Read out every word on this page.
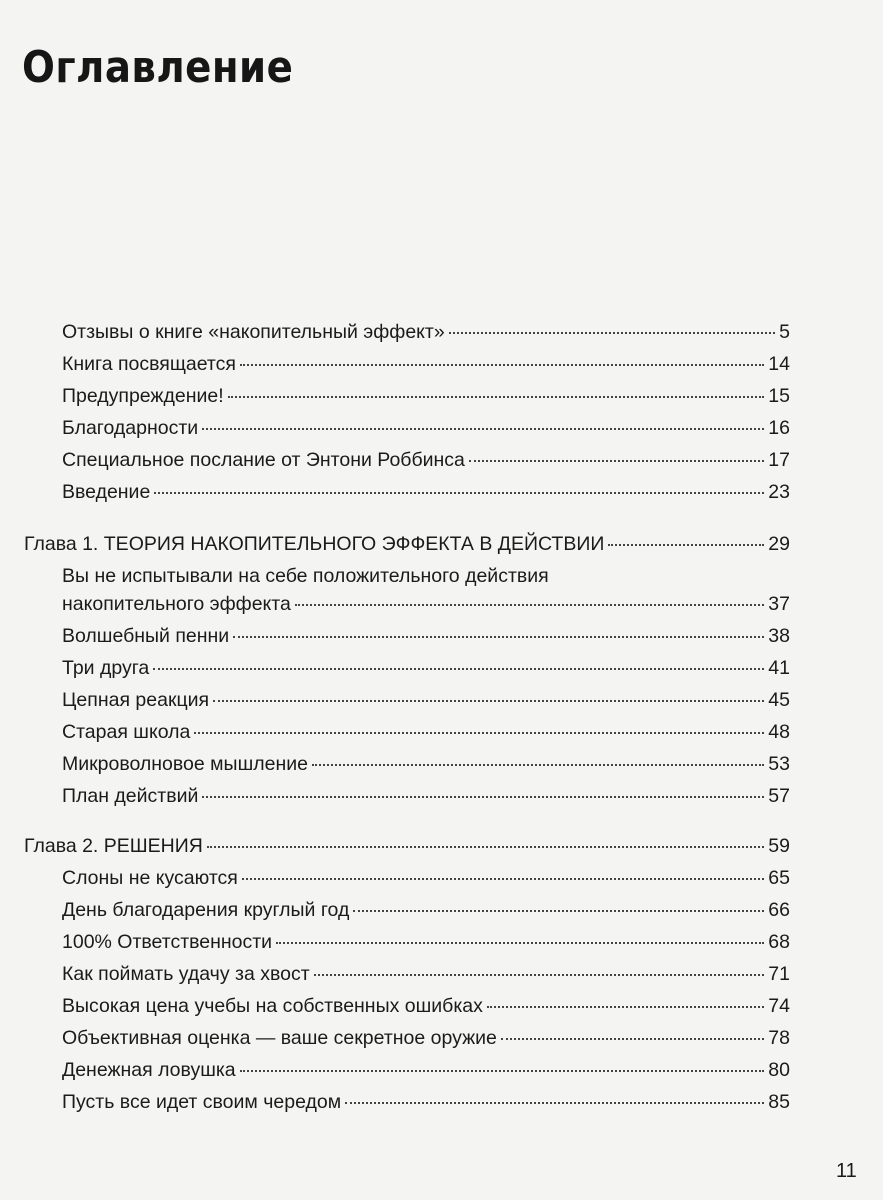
Оглавление
Отзывы о книге «накопительный эффект»	5
Книга посвящается	14
Предупреждение!	15
Благодарности	16
Специальное послание от Энтони Роббинса	17
Введение	23
Глава 1. ТЕОРИЯ НАКОПИТЕЛЬНОГО ЭФФЕКТА В ДЕЙСТВИИ	29
Вы не испытывали на себе положительного действия
накопительного эффекта	37
Волшебный пенни	38
Три друга	41
Цепная реакция	45
Старая школа	48
Микроволновое мышление	53
План действий	57
Глава 2. РЕШЕНИЯ	59
Слоны не кусаются	65
День благодарения круглый год	66
100% Ответственности	68
Как поймать удачу за хвост	71
Высокая цена учебы на собственных ошибках	74
Объективная оценка — ваше секретное оружие	78
Денежная ловушка	80
Пусть все идет своим чередом	85
11
